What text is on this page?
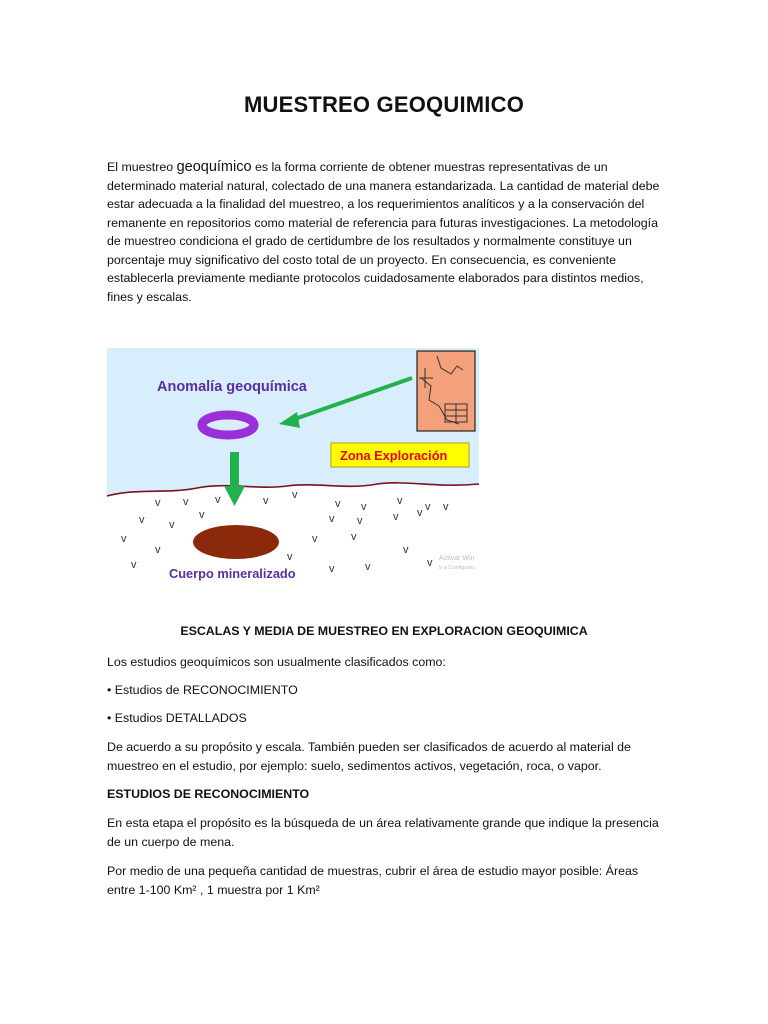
MUESTREO GEOQUIMICO

El muestreo geoquímico es la forma corriente de obtener muestras representativas de un determinado material natural, colectado de una manera estandarizada. La cantidad de material debe estar adecuada a la finalidad del muestreo, a los requerimientos analíticos y a la conservación del remanente en repositorios como material de referencia para futuras investigaciones. La metodología de muestreo condiciona el grado de certidumbre de los resultados y normalmente constituye un porcentaje muy significativo del costo total de un proyecto. En consecuencia, es conveniente establecerla previamente mediante protocolos cuidadosamente elaborados para distintos medios, fines y escalas.

Anomalía geoquímica
Zona Exploración
v v v	v v
v v	v v v
v v
v	v v	v v
v
v
v	v
v
v
v
v	v	v
Cuerpo mineralizado
Activar Win
Ir a Configurac
ESCALAS Y MEDIA DE MUESTREO EN EXPLORACION GEOQUIMICA

Los estudios geoquímicos son usualmente clasificados como:

• Estudios de RECONOCIMIENTO

• Estudios DETALLADOS

De acuerdo a su propósito y escala. También pueden ser clasificados de acuerdo al material de muestreo en el estudio, por ejemplo: suelo, sedimentos activos, vegetación, roca, o vapor.

ESTUDIOS DE RECONOCIMIENTO

En esta etapa el propósito es la búsqueda de un área relativamente grande que indique la presencia de un cuerpo de mena.

Por medio de una pequeña cantidad de muestras, cubrir el área de estudio mayor posible: Áreas entre 1-100 Km² , 1 muestra por 1 Km²
